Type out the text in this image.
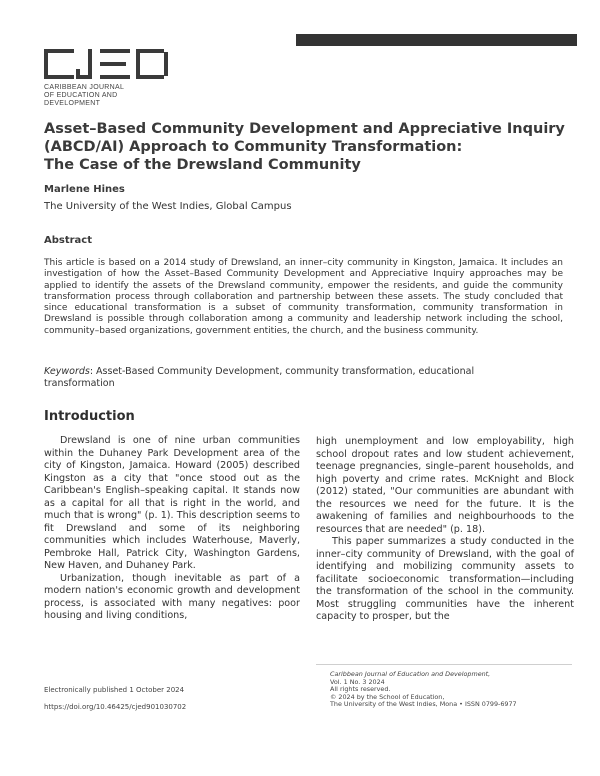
CARIBBEAN JOURNAL
OF EDUCATION AND
DEVELOPMENT
Asset–Based Community Development and Appreciative Inquiry
(ABCD/AI) Approach to Community Transformation:
The Case of the Drewsland Community
Marlene Hines
The University of the West Indies, Global Campus
Abstract

This article is based on a 2014 study of Drewsland, an inner–city community in Kingston, Jamaica. It includes an investigation of how the Asset–Based Community Development and Appreciative Inquiry approaches may be applied to identify the assets of the Drewsland community, empower the residents, and guide the community transformation process through collaboration and partnership between these assets. The study concluded that since educational transformation is a subset of community transformation, community transformation in Drewsland is possible through collaboration among a community and leadership network including the school, community–based organizations, government entities, the church, and the business community.

Keywords: Asset-Based Community Development, community transformation, educational transformation
Introduction

Drewsland is one of nine urban communities within the Duhaney Park Development area of the city of Kingston, Jamaica. Howard (2005) described Kingston as a city that "once stood out as the Caribbean's English–speaking capital. It stands now as a capital for all that is right in the world, and much that is wrong" (p. 1). This description seems to fit Drewsland and some of its neighboring communities which includes Waterhouse, Maverly, Pembroke Hall, Patrick City, Washington Gardens, New Haven, and Duhaney Park.

Urbanization, though inevitable as part of a modern nation's economic growth and development process, is associated with many negatives: poor housing and living conditions,

high unemployment and low employability, high school dropout rates and low student achievement, teenage pregnancies, single–parent households, and high poverty and crime rates. McKnight and Block (2012) stated, "Our communities are abundant with the resources we need for the future. It is the awakening of families and neighbourhoods to the resources that are needed" (p. 18).

This paper summarizes a study conducted in the inner–city community of Drewsland, with the goal of identifying and mobilizing community assets to facilitate socioeconomic transformation—including the transformation of the school in the community. Most struggling communities have the inherent capacity to prosper, but the

Electronically published 1 October 2024
https://doi.org/10.46425/cjed901030702
Caribbean Journal of Education and Development,
Vol. 1 No. 3 2024
All rights reserved.
© 2024 by the School of Education,
The University of the West Indies, Mona • ISSN 0799-6977
